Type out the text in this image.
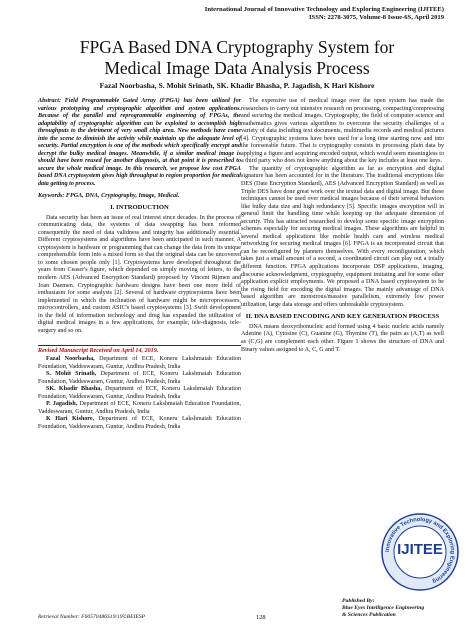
International Journal of Innovative Technology and Exploring Engineering (IJITEE)
ISSN: 2278-3075, Volume-8 Issue-6S, April 2019
FPGA Based DNA Cryptography System for
Medical Image Data Analysis Process
Fazal Noorbasha, S. Mohit Srinath, SK. Khadir Bhasha, P. Jagadish, K Hari Kishore

Abstract: Field Programmable Gated Array (FPGA) has been utilized for various prototyping and cryptographic algorithm and system applications. Because of the parallel and reprogrammable engineering of FPGAs, the adaptability of cryptographic algorithm can be exploited to accomplish high throughputs to the detriment of very small chip area. New methods have come into the scene to diminish the activity while maintain up the adequate level of security. Partial encryption is one of the methods which specifically encrypt and decrypt the bulky medical images. Meanwhile, if a similar medical image is should have been reused for another diagnosis, at that point it is prescribed to secure the whole medical image. In this research, we propose low cost FPGA based DNA cryptosystem gives high throughput to region proportion for medical data getting to process.

Keywords: FPGA, DNA, Cryptography, Image, Medical.

I. INTRODUCTION

Data security has been an issue of real interest since decades. In the process of communicating data, the systems of data swapping has been reformed consequently the need of data validness and integrity has additionally essential. Different cryptosystems and algorithms have been anticipated in such manner. A cryptosystem is hardware or programming that can change the data from its unique comprehensible form into a mixed form so that the original data can be uncovered to some chosen people only [1]. Cryptosystems have developed throughout the years from Ceaser's figure, which depended on simply moving of letters, to the modern AES (Advanced Encryption Standard) proposed by Vincent Rijmen and Joan Daemen. Cryptographic hardware designs have been one more field of enthusiasm for some analysts [2]. Several of hardware cryptosystems have been implemented in which the inclination of hardware might be microprocessors, microcontrollers, and custom ASIC's based cryptosystems [3]. Swift development in the field of information technology and drug has expanded the utilization of digital medical images in a few applications, for example, tele-diagnosis, tele-surgery and so on.

Revised Manuscript Received on April 14, 2019.

Fazal Noorbasha, Department of ECE, Koneru Lakshmaiah Education Foundation, Vaddeswaram, Guntur, Andhra Pradesh, India

S. Mohit Srinath, Department of ECE, Koneru Lakshmaiah Education Foundation, Vaddeswaram, Guntur, Andhra Pradesh, India

SK. Khadir Bhasha, Department of ECE, Koneru Lakshmaiah Education Foundation, Vaddeswaram, Guntur, Andhra Pradesh, India

P. Jagadish, Department of ECE, Koneru Lakshmaiah Education Foundation, Vaddeswaram, Guntur, Andhra Pradesh, India

K Hari Kishore, Department of ECE, Koneru Lakshmaiah Education Foundation, Vaddeswaram, Guntur, Andhra Pradesh, India

The expensive use of medical image over the open system has made the researchers to carry out intensive research on processing, compacting/compressing and securing the medical images. Cryptography, the field of computer science and mathematics gives various algorithms to overcome the security challenges of a variety of data including text documents, multimedia records and medical pictures [4]. Cryptographic systems have been used for a long time starting now and into the foreseeable future. That is cryptography consists in processing plain data by applying a figure and acquiring encoded output, which would seem meaningless to a third party who does not know anything about the key includes at least one keys.

The quantity of cryptographic algorithm as far as encryption and digital signature has been accounted for in the literature. The traditional encryptions like DES (Date Encryption Standard), AES (Advanced Encryption Standard) as well as Triple DES have done great work over the textual data and digital image. But these techniques cannot be used over medical images because of their several behaviors like bulky data size and high redundancy [5]. Specific images encryption will in general limit the handling time while keeping up the adequate dimension of security. This has attracted researched to develop some specific image encryption schemes especially for securing medical images. These algorithms are helpful in several medical applications like mobile health care and wireless medical networking for securing medical images [6]. FPGA is an incorporated circuit that can be reconfigured by planners themselves. With every reconfiguration, which takes just a small amount of a second, a coordinated circuit can play out a totally different function. FPGA applications incorporate DSP applications, imaging, discourse acknowledgment, cryptography, equipment imitating and for some other application explicit employments. We proposed a DNA based cryptosystem to be the rising field for encoding the digital images. The mainly advantage of DNA based algorithm are monstrous/massive parallelism, extremely low power utilization, large data storage and offers unbreakable cryptosystem.

II. DNA BASED ENCODING AND KEY GENERATION PROCESS

DNA means deoxyribonucleic acid formed using 4 basic nucleic acids namely Adenine (A), Cytosine (C), Guanine (G), Thymine (T), the pairs as (A,T) as well as (C,G) are complement each other. Figure 1 shows the structure of DNA and Binary values assigned to A, C, G and T.

Innovative Technology and Exploring Engineering
IJITEE
Retrieval Number: F60570486S19/19©BEIESP	128
Published By:
Blue Eyes Intelligence Engineering
& Sciences Publication
